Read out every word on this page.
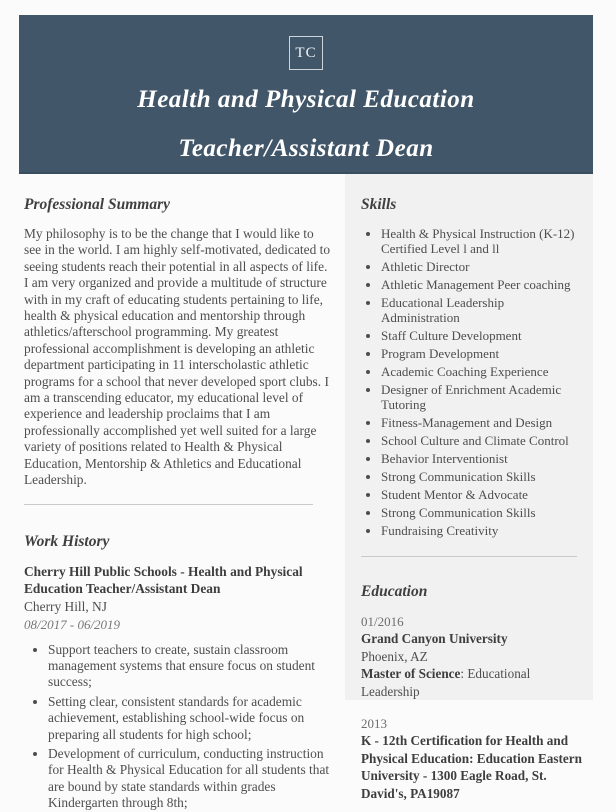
TC
Health and Physical Education
Teacher/Assistant Dean
Professional Summary

My philosophy is to be the change that I would like to see in the world. I am highly self-motivated, dedicated to seeing students reach their potential in all aspects of life. I am very organized and provide a multitude of structure with in my craft of educating students pertaining to life, health & physical education and mentorship through athletics/afterschool programming. My greatest professional accomplishment is developing an athletic department participating in 11 interscholastic athletic programs for a school that never developed sport clubs. I am a transcending educator, my educational level of experience and leadership proclaims that I am professionally accomplished yet well suited for a large variety of positions related to Health & Physical Education, Mentorship & Athletics and Educational Leadership.

Work History
Cherry Hill Public Schools - Health and Physical Education Teacher/Assistant Dean
Cherry Hill, NJ
08/2017 - 06/2019
• Support teachers to create, sustain classroom management systems that ensure focus on student success;
• Setting clear, consistent standards for academic achievement, establishing school-wide focus on preparing all students for high school;
• Development of curriculum, conducting instruction for Health & Physical Education for all students that are bound by state standards within grades Kindergarten through 8th;
Skills
• Health & Physical Instruction (K-12) Certified Level l and ll
• Athletic Director
• Athletic Management Peer coaching
• Educational Leadership Administration
• Staff Culture Development
• Program Development
• Academic Coaching Experience
• Designer of Enrichment Academic Tutoring
• Fitness-Management and Design
• School Culture and Climate Control
• Behavior Interventionist
• Strong Communication Skills
• Student Mentor & Advocate
• Strong Communication Skills
• Fundraising Creativity
Education
01/2016
Grand Canyon University
Phoenix, AZ
Master of Science: Educational Leadership
2013
K - 12th Certification for Health and Physical Education: Education Eastern University - 1300 Eagle Road, St. David's, PA19087
